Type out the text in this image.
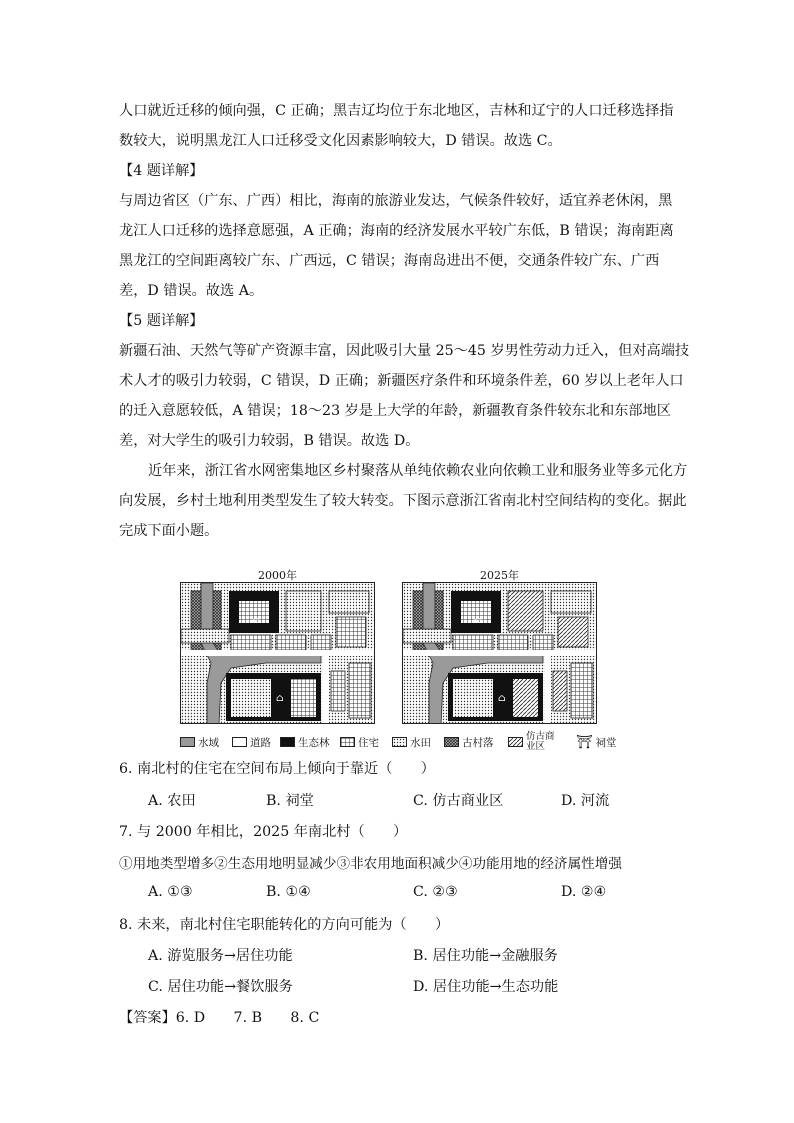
人口就近迁移的倾向强，C 正确；黑吉辽均位于东北地区，吉林和辽宁的人口迁移选择指
数较大，说明黑龙江人口迁移受文化因素影响较大，D 错误。故选 C。
【4 题详解】
与周边省区（广东、广西）相比，海南的旅游业发达，气候条件较好，适宜养老休闲，黑
龙江人口迁移的选择意愿强，A 正确；海南的经济发展水平较广东低，B 错误；海南距离
黑龙江的空间距离较广东、广西远，C 错误；海南岛进出不便，交通条件较广东、广西
差，D 错误。故选 A。
【5 题详解】
新疆石油、天然气等矿产资源丰富，因此吸引大量 25～45 岁男性劳动力迁入，但对高端技
术人才的吸引力较弱，C 错误，D 正确；新疆医疗条件和环境条件差，60 岁以上老年人口
的迁入意愿较低，A 错误；18～23 岁是上大学的年龄，新疆教育条件较东北和东部地区
差，对大学生的吸引力较弱，B 错误。故选 D。
近年来，浙江省水网密集地区乡村聚落从单纯依赖农业向依赖工业和服务业等多元化方
向发展，乡村土地利用类型发生了较大转变。下图示意浙江省南北村空间结构的变化。据此
完成下面小题。
2000年
⌂
⌂
2025年
⌂
⌂
水域	道路	生态林	住宅	水田	古村落	仿古商业区	⛩ 祠堂
6. 南北村的住宅在空间布局上倾向于靠近（　　）
A. 农田	B. 祠堂	C. 仿古商业区	D. 河流
7. 与 2000 年相比，2025 年南北村（　　）
①用地类型增多②生态用地明显减少③非农用地面积减少④功能用地的经济属性增强
A. ①③	B. ①④	C. ②③	D. ②④
8. 未来，南北村住宅职能转化的方向可能为（　　）
A. 游览服务→居住功能	B. 居住功能→金融服务
C. 居住功能→餐饮服务	D. 居住功能→生态功能
【答案】6. D　　7. B　　8. C
